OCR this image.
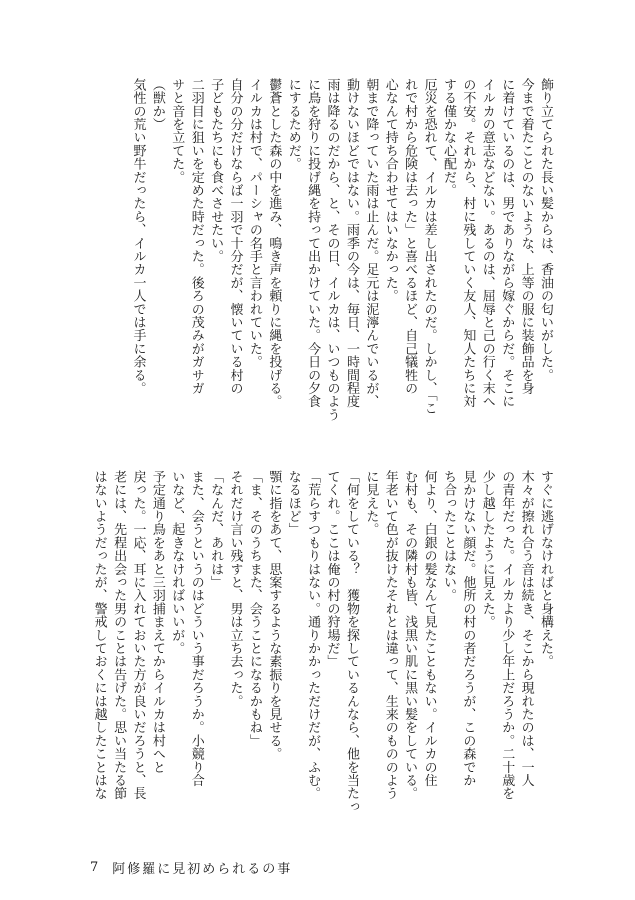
飾り立てられた長い髪からは、香油の匂いがした。

今まで着たことのないような、上等の服に装飾品を身

に着けているのは、男でありながら嫁ぐからだ。そこに

イルカの意志などない。あるのは、屈辱と己の行く末へ

の不安。それから、村に残していく友人、知人たちに対

する僅かな心配だ。

厄災を恐れて、イルカは差し出されたのだ。しかし、「こ

れで村から危険は去った」と喜べるほど、自己犠牲の

心なんて持ち合わせてはいなかった。

朝まで降っていた雨は止んだ。足元は泥濘んでいるが、

動けないほどではない。雨季の今は、毎日、一時間程度

雨は降るのだから、と、その日、イルカは、いつものよう

に鳥を狩りに投げ縄を持って出かけていた。今日の夕食

にするためだ。

鬱蒼とした森の中を進み、鳴き声を頼りに縄を投げる。

イルカは村で、パーシャの名手と言われていた。

自分の分だけならば一羽で十分だが、懐いている村の

子どもたちにも食べさせたい。

二羽目に狙いを定めた時だった。後ろの茂みがガサガ

サと音を立てた。

（獣か）

気性の荒い野牛だったら、イルカ一人では手に余る。

すぐに逃げなければと身構えた。

木々が擦れ合う音は続き、そこから現れたのは、一人

の青年だった。イルカより少し年上だろうか。二十歳を

少し越したように見えた。

見かけない顔だ。他所の村の者だろうが、この森でか

ち合ったことはない。

何より、白銀の髪なんて見たこともない。イルカの住

む村も、その隣村も皆、浅黒い肌に黒い髪をしている。

年老いて色が抜けたそれとは違って、生来のもののよう

に見えた。

「何をしている？　獲物を探しているんなら、他を当たっ

てくれ。ここは俺の村の狩場だ」

「荒らすつもりはない。通りかかっただけだが、ふむ。

なるほど」

顎に指をあて、思案するような素振りを見せる。

「ま、そのうちまた、会うことになるかもね」

それだけ言い残すと、男は立ち去った。

「なんだ、あれは」

また、会うというのはどういう事だろうか。小競り合

いなど、起きなければいいが。

予定通り鳥をあと三羽捕まえてからイルカは村へと

戻った。一応、耳に入れておいた方が良いだろうと、長

老には、先程出会った男のことは告げた。思い当たる節

はないようだったが、警戒しておくには越したことはな

7 阿修羅に見初められるの事
